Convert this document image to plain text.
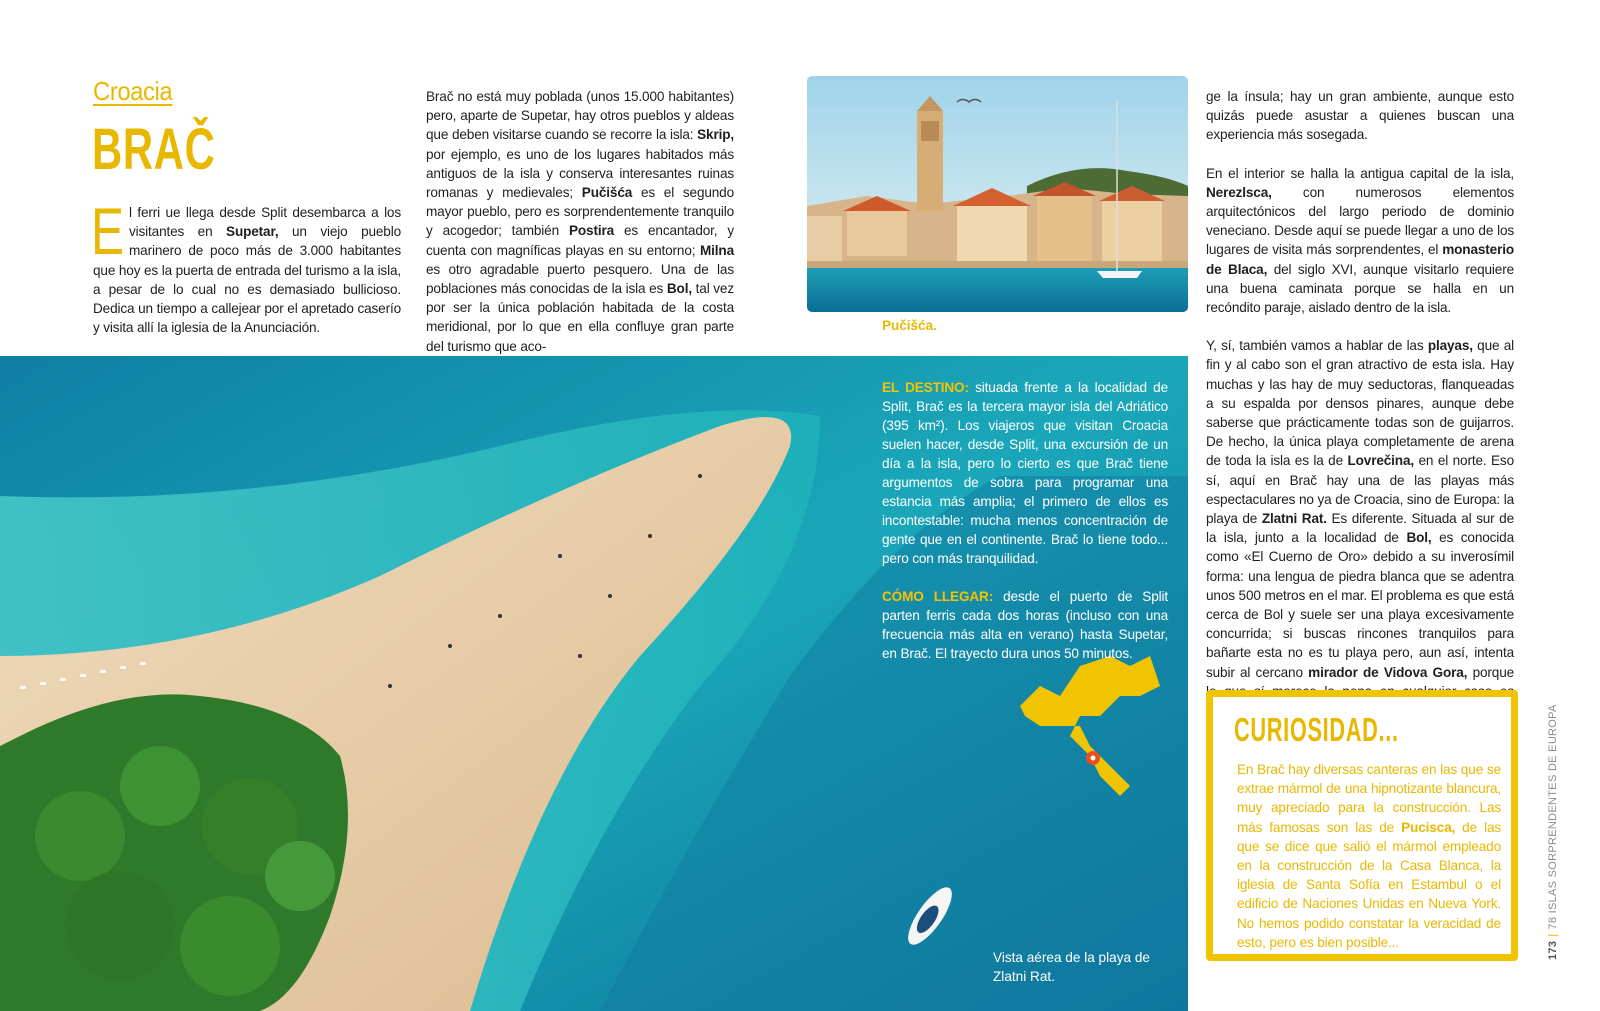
Croacia
BRAČ

E l ferri ue llega desde Split desembarca a los visitantes en Supetar, un viejo pueblo marinero de poco más de 3.000 habitantes que hoy es la puerta de entrada del turismo a la isla, a pesar de lo cual no es demasiado bullicioso. Dedica un tiempo a callejear por el apretado caserío y visita allí la iglesia de la Anunciación.

Brač no está muy poblada (unos 15.000 habitantes) pero, aparte de Supetar, hay otros pueblos y aldeas que deben visitarse cuando se recorre la isla: Skrip, por ejemplo, es uno de los lugares habitados más antiguos de la isla y conserva interesantes ruinas romanas y medievales; Pučišća es el segundo mayor pueblo, pero es sorprendentemente tranquilo y acogedor; también Postira es encantador, y cuenta con magníficas playas en su entorno; Milna es otro agradable puerto pesquero. Una de las poblaciones más conocidas de la isla es Bol, tal vez por ser la única población habitada de la costa meridional, por lo que en ella confluye gran parte del turismo que aco-

Pučišća.

ge la ínsula; hay un gran ambiente, aunque esto quizás puede asustar a quienes buscan una experiencia más sosegada.

En el interior se halla la antigua capital de la isla, Nerezlsca, con numerosos elementos arquitectónicos del largo periodo de dominio veneciano. Desde aquí se puede llegar a uno de los lugares de visita más sorprendentes, el monasterio de Blaca, del siglo XVI, aunque visitarlo requiere una buena caminata porque se halla en un recóndito paraje, aislado dentro de la isla.

Y, sí, también vamos a hablar de las playas, que al fin y al cabo son el gran atractivo de esta isla. Hay muchas y las hay de muy seductoras, flanqueadas a su espalda por densos pinares, aunque debe saberse que prácticamente todas son de guijarros. De hecho, la única playa completamente de arena de toda la isla es la de Lovrečina, en el norte. Eso sí, aquí en Brač hay una de las playas más espectaculares no ya de Croacia, sino de Europa: la playa de Zlatni Rat. Es diferente. Situada al sur de la isla, junto a la localidad de Bol, es conocida como «El Cuerno de Oro» debido a su inverosímil forma: una lengua de piedra blanca que se adentra unos 500 metros en el mar. El problema es que está cerca de Bol y suele ser una playa excesivamente concurrida; si buscas rincones tranquilos para bañarte esta no es tu playa pero, aun así, intenta subir al cercano mirador de Vidova Gora, porque

EL DESTINO: situada frente a la localidad de Split, Brač es la tercera mayor isla del Adriático (395 km²). Los viajeros que visitan Croacia suelen hacer, desde Split, una excursión de un día a la isla, pero lo cierto es que Brač tiene argumentos de sobra para programar una estancia más amplia; el primero de ellos es incontestable: mucha menos concentración de gente que en el continente. Brač lo tiene todo... pero con más tranquilidad.

CÓMO LLEGAR: desde el puerto de Split parten ferris cada dos horas (incluso con una frecuencia más alta en verano) hasta Supetar, en Brač. El trayecto dura unos 50 minutos.

Vista aérea de la playa de Zlatni Rat.
CURIOSIDAD...
En Brač hay diversas canteras en las que se extrae mármol de una hipnotizante blancura, muy apreciado para la construcción. Las más famosas son las de Pucisca, de las que se dice que salió el mármol empleado en la construcción de la Casa Blanca, la iglesia de Santa Sofía en Estambul o el edificio de Naciones Unidas en Nueva York. No hemos podido constatar la veracidad de esto, pero es bien posible...	173|78 ISLAS SORPRENDENTES DE EUROPA
